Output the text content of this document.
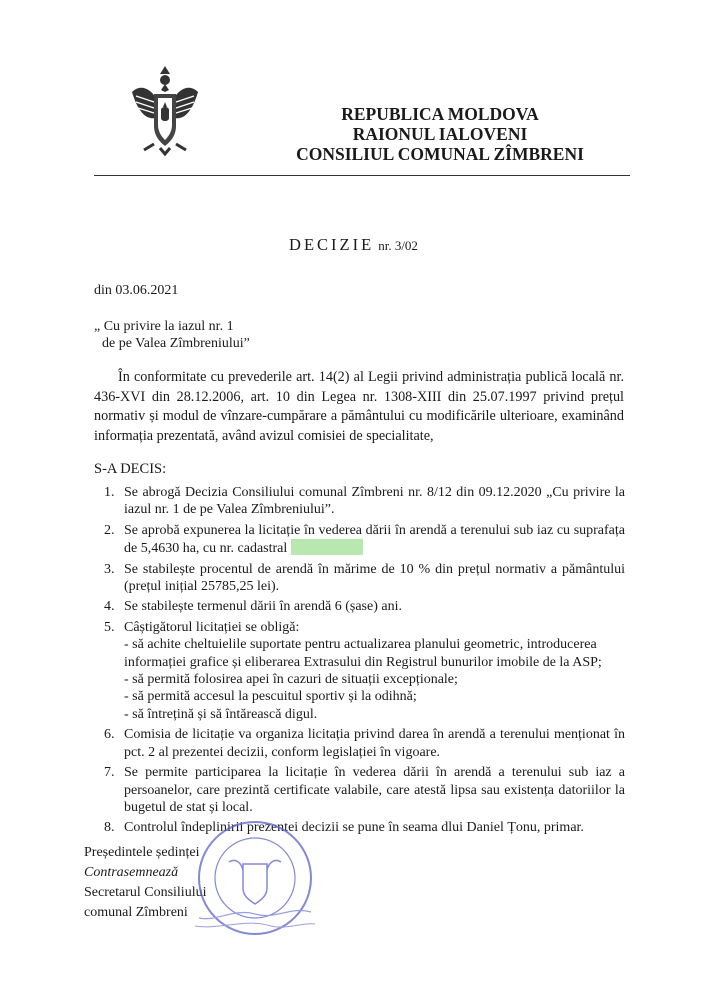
REPUBLICA MOLDOVA
RAIONUL IALOVENI
CONSILIUL COMUNAL ZÎMBRENI
DECIZIE nr. 3/02
din 03.06.2021
„ Cu privire la iazul nr. 1
de pe Valea Zîmbreniului”
În conformitate cu prevederile art. 14(2) al Legii privind administrația publică locală nr. 436-XVI din 28.12.2006, art. 10 din Legea nr. 1308-XIII din 25.07.1997 privind prețul normativ și modul de vînzare-cumpărare a pământului cu modificările ulterioare, examinând informația prezentată, având avizul comisiei de specialitate,
S-A DECIS:
1. Se abrogă Decizia Consiliului comunal Zîmbreni nr. 8/12 din 09.12.2020 „Cu privire la iazul nr. 1 de pe Valea Zîmbreniului”.
2. Se aprobă expunerea la licitație în vederea dării în arendă a terenului sub iaz cu suprafața de 5,4630 ha, cu nr. cadastral
3. Se stabilește procentul de arendă în mărime de 10 % din prețul normativ a pământului (prețul inițial 25785,25 lei).
4. Se stabilește termenul dării în arendă 6 (șase) ani.
5. Câștigătorul licitației se obligă:
- să achite cheltuielile suportate pentru actualizarea planului geometric, introducerea informației grafice și eliberarea Extrasului din Registrul bunurilor imobile de la ASP;
- să permită folosirea apei în cazuri de situații excepționale;
- să permită accesul la pescuitul sportiv și la odihnă;
- să întrețină și să întărească digul.
6. Comisia de licitație va organiza licitația privind darea în arendă a terenului menționat în pct. 2 al prezentei decizii, conform legislației în vigoare.
7. Se permite participarea la licitație în vederea dării în arendă a terenului sub iaz a persoanelor, care prezintă certificate valabile, care atestă lipsa sau existența datoriilor la bugetul de stat și local.
8. Controlul îndeplinirii prezentei decizii se pune în seama dlui Daniel Țonu, primar.
Președintele ședinței
Contrasemnează
Secretarul Consiliului
comunal Zîmbreni
